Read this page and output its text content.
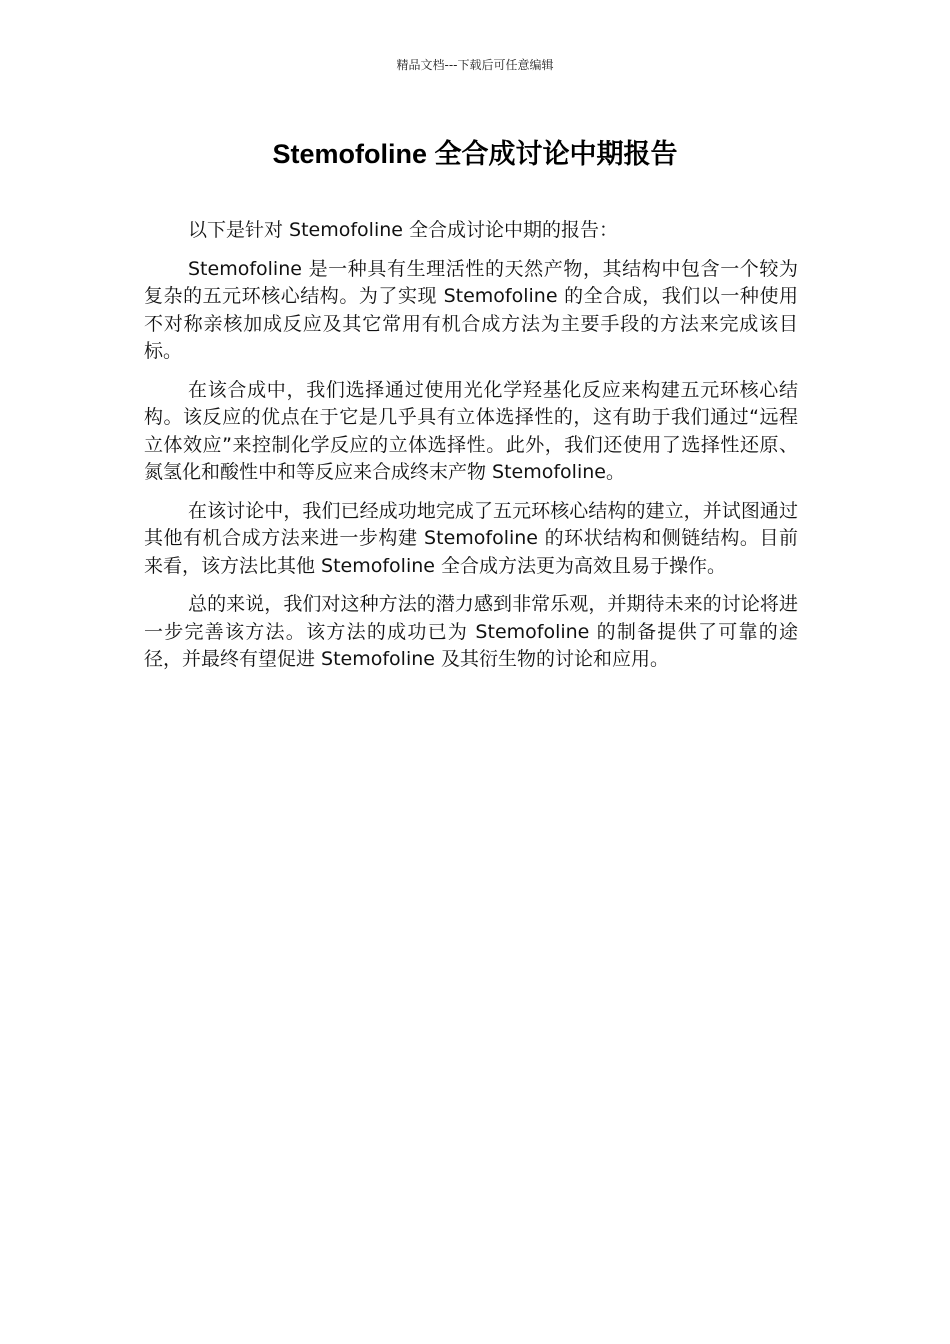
精品文档---下载后可任意编辑
Stemofoline 全合成讨论中期报告

以下是针对 Stemofoline 全合成讨论中期的报告：

Stemofoline 是一种具有生理活性的天然产物，其结构中包含一个较为复杂的五元环核心结构。为了实现 Stemofoline 的全合成，我们以一种使用不对称亲核加成反应及其它常用有机合成方法为主要手段的方法来完成该目标。

在该合成中，我们选择通过使用光化学羟基化反应来构建五元环核心结构。该反应的优点在于它是几乎具有立体选择性的，这有助于我们通过“远程立体效应”来控制化学反应的立体选择性。此外，我们还使用了选择性还原、氮氢化和酸性中和等反应来合成终末产物 Stemofoline。

在该讨论中，我们已经成功地完成了五元环核心结构的建立，并试图通过其他有机合成方法来进一步构建 Stemofoline 的环状结构和侧链结构。目前来看，该方法比其他 Stemofoline 全合成方法更为高效且易于操作。

总的来说，我们对这种方法的潜力感到非常乐观，并期待未来的讨论将进一步完善该方法。该方法的成功已为 Stemofoline 的制备提供了可靠的途径，并最终有望促进 Stemofoline 及其衍生物的讨论和应用。
